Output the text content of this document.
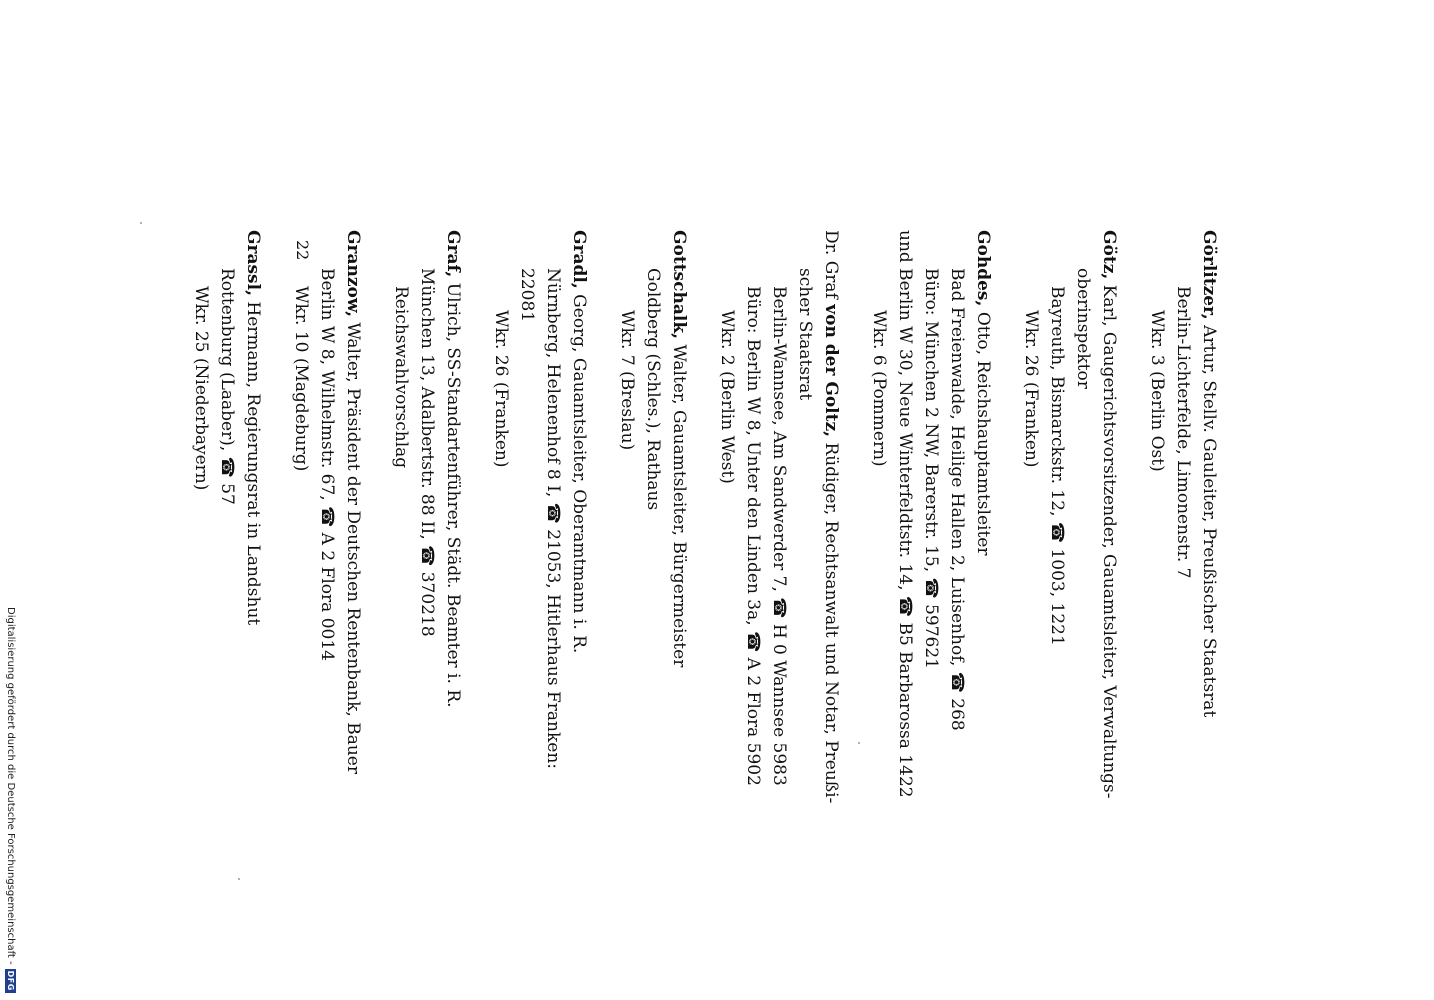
Görlitzer, Artur, Stellv. Gauleiter, Preußischer Staatsrat
Berlin-Lichterfelde, Limonenstr. 7
Wkr. 3 (Berlin Ost)
Götz, Karl, Gaugerichtsvorsitzender, Gauamtsleiter, Verwaltungs-
oberinspektor
Bayreuth, Bismarckstr. 12, ☎ 1003, 1221
Wkr. 26 (Franken)
Gohdes, Otto, Reichshauptamtsleiter
Bad Freienwalde, Heilige Hallen 2, Luisenhof, ☎ 268
Büro: München 2 NW, Barerstr. 15, ☎ 597621
und Berlin W 30, Neue Winterfeldtstr. 14, ☎ B5 Barbarossa 1422
Wkr. 6 (Pommern)
Dr. Graf von der Goltz, Rüdiger, Rechtsanwalt und Notar, Preußi-
scher Staatsrat
Berlin-Wannsee, Am Sandwerder 7, ☎ H 0 Wannsee 5983
Büro: Berlin W 8, Unter den Linden 3a, ☎ A 2 Flora 5902
Wkr. 2 (Berlin West)
Gottschalk, Walter, Gauamtsleiter, Bürgermeister
Goldberg (Schles.), Rathaus
Wkr. 7 (Breslau)
Gradl, Georg, Gauamtsleiter, Oberamtmann i. R.
Nürnberg, Helenenhof 8 I, ☎ 21053, Hitlerhaus Franken:
22081
Wkr. 26 (Franken)
Graf, Ulrich, SS-Standartenführer, Städt. Beamter i. R.
München 13, Adalbertstr. 88 II, ☎ 370218
Reichswahlvorschlag
Granzow, Walter, Präsident der Deutschen Rentenbank, Bauer
Berlin W 8, Wilhelmstr. 67, ☎ A 2 Flora 0014
Wkr. 10 (Magdeburg)
Grassl, Hermann, Regierungsrat in Landshut
Rottenburg (Laaber), ☎ 57
Wkr. 25 (Niederbayern)
22
Digitalisierung gefördert durch die Deutsche Forschungsgemeinschaft -
DFG
